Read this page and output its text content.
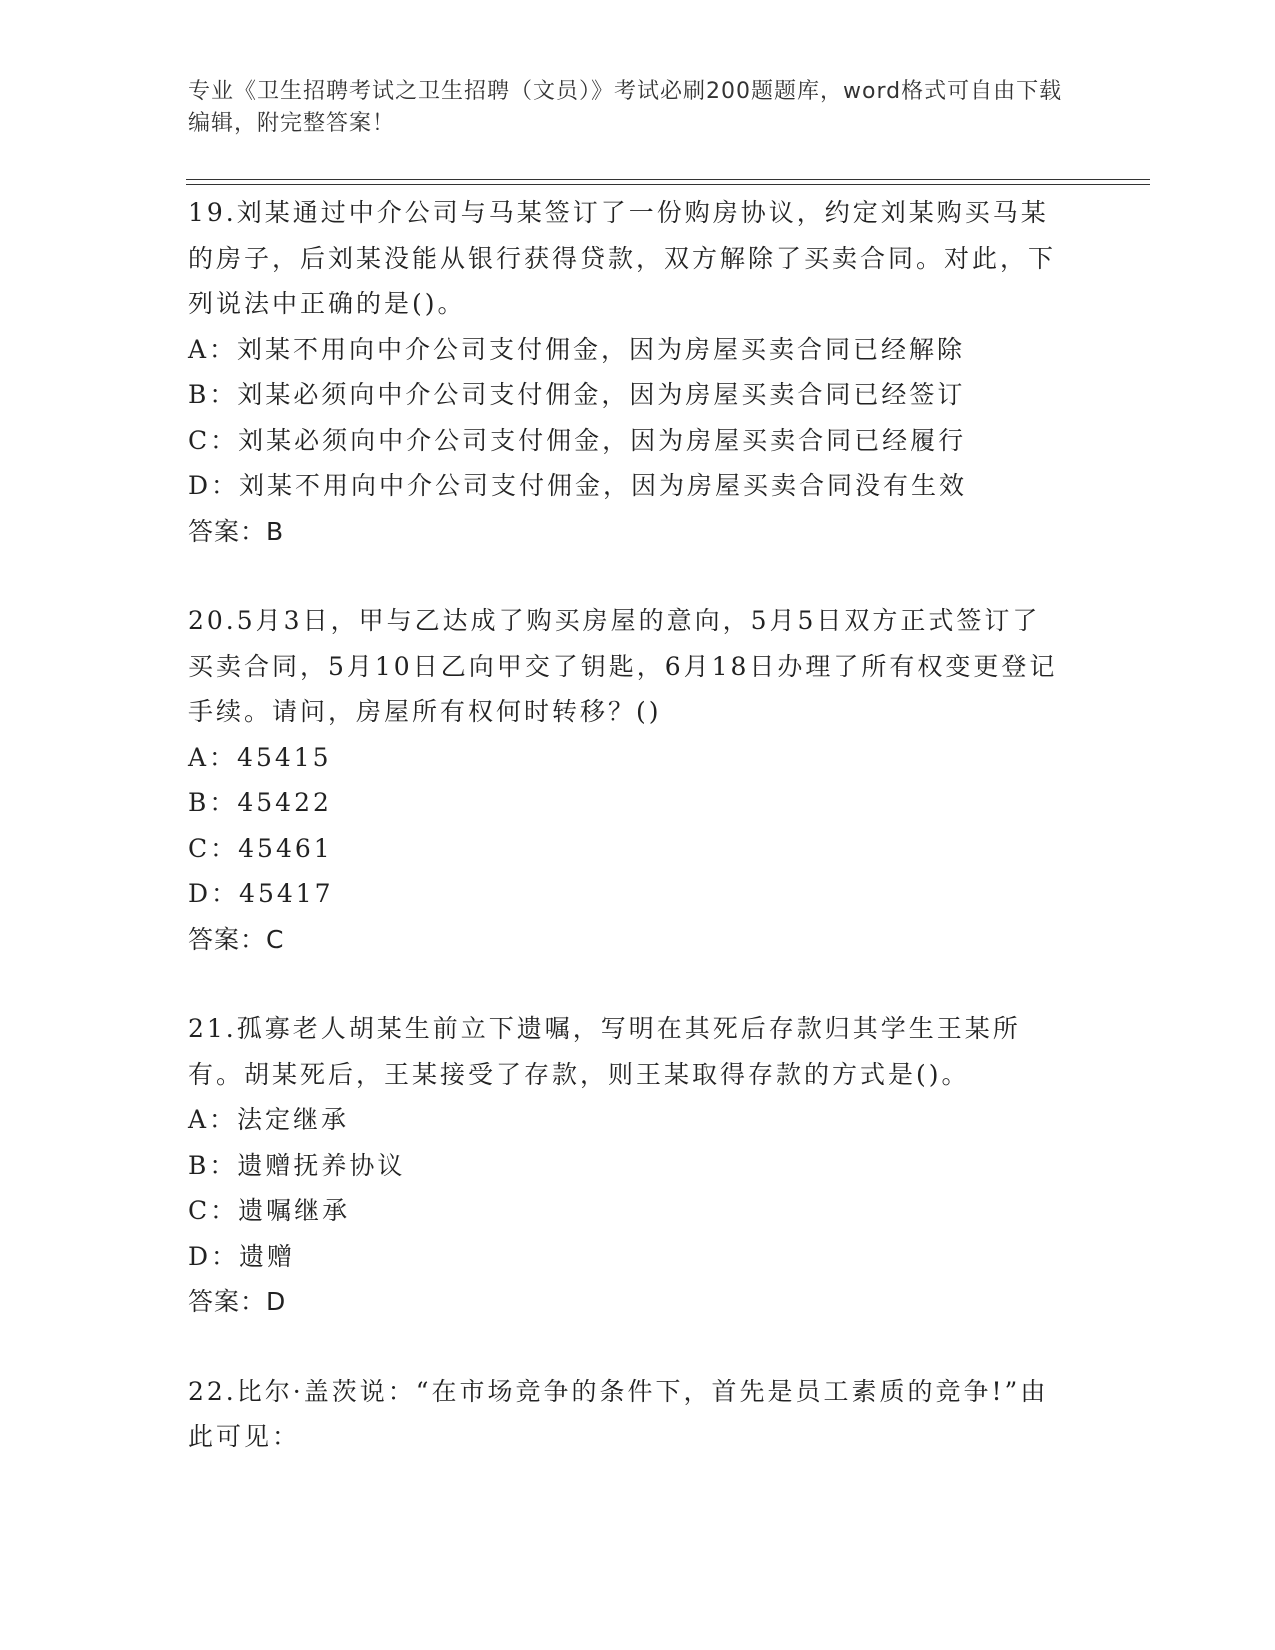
专业《卫生招聘考试之卫生招聘（文员）》考试必刷200题题库，word格式可自由下载编辑，附完整答案！

19.刘某通过中介公司与马某签订了一份购房协议，约定刘某购买马某的房子，后刘某没能从银行获得贷款，双方解除了买卖合同。对此，下列说法中正确的是()。

A：刘某不用向中介公司支付佣金，因为房屋买卖合同已经解除

B：刘某必须向中介公司支付佣金，因为房屋买卖合同已经签订

C：刘某必须向中介公司支付佣金，因为房屋买卖合同已经履行

D：刘某不用向中介公司支付佣金，因为房屋买卖合同没有生效

答案：B

20.5月3日，甲与乙达成了购买房屋的意向，5月5日双方正式签订了买卖合同，5月10日乙向甲交了钥匙，6月18日办理了所有权变更登记手续。请问，房屋所有权何时转移？()

A：45415

B：45422

C：45461

D：45417

答案：C

21.孤寡老人胡某生前立下遗嘱，写明在其死后存款归其学生王某所有。胡某死后，王某接受了存款，则王某取得存款的方式是()。

A：法定继承

B：遗赠抚养协议

C：遗嘱继承

D：遗赠

答案：D

22.比尔·盖茨说：“在市场竞争的条件下，首先是员工素质的竞争!”由此可见：
